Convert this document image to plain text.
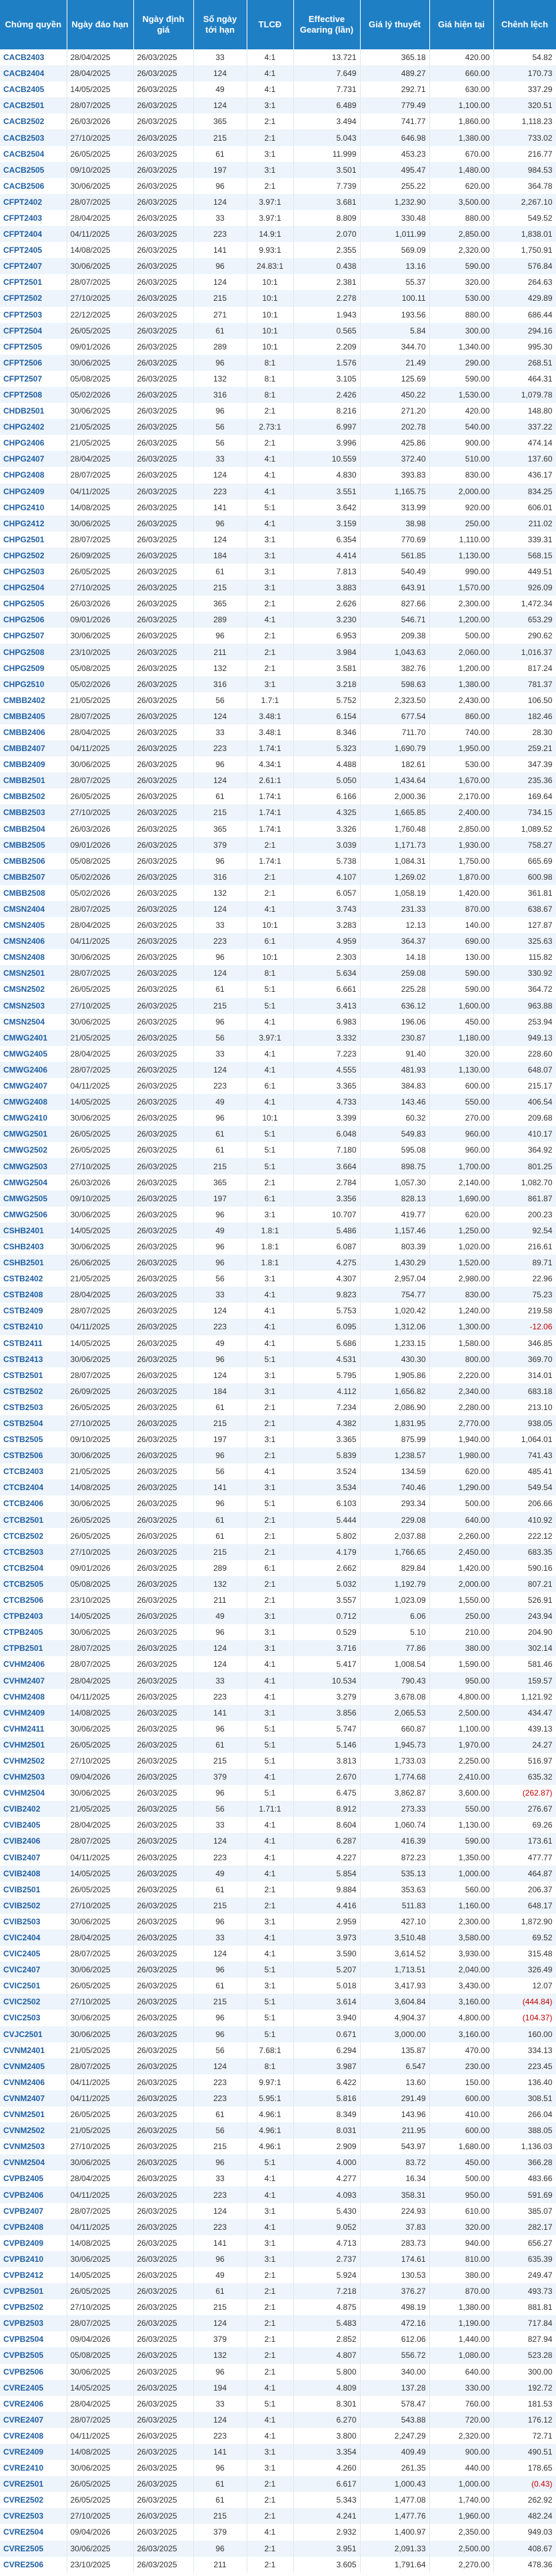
Chứng quyền	Ngày đáo hạn	Ngày định giá	Số ngày tới hạn	TLCĐ	Effective Gearing (lần)	Giá lý thuyết	Giá hiện tại	Chênh lệch
CACB2403	28/04/2025	26/03/2025	33	4:1	13.721	365.18	420.00	54.82
CACB2404	28/04/2025	26/03/2025	124	4:1	7.649	489.27	660.00	170.73
CACB2405	14/05/2025	26/03/2025	49	4:1	7.731	292.71	630.00	337.29
CACB2501	28/07/2025	26/03/2025	124	3:1	6.489	779.49	1,100.00	320.51
CACB2502	26/03/2026	26/03/2025	365	2:1	3.494	741.77	1,860.00	1,118.23
CACB2503	27/10/2025	26/03/2025	215	2:1	5.043	646.98	1,380.00	733.02
CACB2504	26/05/2025	26/03/2025	61	3:1	11.999	453.23	670.00	216.77
CACB2505	09/10/2025	26/03/2025	197	3:1	3.501	495.47	1,480.00	984.53
CACB2506	30/06/2025	26/03/2025	96	2:1	7.739	255.22	620.00	364.78
CFPT2402	28/07/2025	26/03/2025	124	3.97:1	3.681	1,232.90	3,500.00	2,267.10
CFPT2403	28/04/2025	26/03/2025	33	3.97:1	8.809	330.48	880.00	549.52
CFPT2404	04/11/2025	26/03/2025	223	14.9:1	2.070	1,011.99	2,850.00	1,838.01
CFPT2405	14/08/2025	26/03/2025	141	9.93:1	2.355	569.09	2,320.00	1,750.91
CFPT2407	30/06/2025	26/03/2025	96	24.83:1	0.438	13.16	590.00	576.84
CFPT2501	28/07/2025	26/03/2025	124	10:1	2.381	55.37	320.00	264.63
CFPT2502	27/10/2025	26/03/2025	215	10:1	2.278	100.11	530.00	429.89
CFPT2503	22/12/2025	26/03/2025	271	10:1	1.943	193.56	880.00	686.44
CFPT2504	26/05/2025	26/03/2025	61	10:1	0.565	5.84	300.00	294.16
CFPT2505	09/01/2026	26/03/2025	289	10:1	2.209	344.70	1,340.00	995.30
CFPT2506	30/06/2025	26/03/2025	96	8:1	1.576	21.49	290.00	268.51
CFPT2507	05/08/2025	26/03/2025	132	8:1	3.105	125.69	590.00	464.31
CFPT2508	05/02/2026	26/03/2025	316	8:1	2.426	450.22	1,530.00	1,079.78
CHDB2501	30/06/2025	26/03/2025	96	2:1	8.216	271.20	420.00	148.80
CHPG2402	21/05/2025	26/03/2025	56	2.73:1	6.997	202.78	540.00	337.22
CHPG2406	21/05/2025	26/03/2025	56	2:1	3.996	425.86	900.00	474.14
CHPG2407	28/04/2025	26/03/2025	33	4:1	10.559	372.40	510.00	137.60
CHPG2408	28/07/2025	26/03/2025	124	4:1	4.830	393.83	830.00	436.17
CHPG2409	04/11/2025	26/03/2025	223	4:1	3.551	1,165.75	2,000.00	834.25
CHPG2410	14/08/2025	26/03/2025	141	5:1	3.642	313.99	920.00	606.01
CHPG2412	30/06/2025	26/03/2025	96	4:1	3.159	38.98	250.00	211.02
CHPG2501	28/07/2025	26/03/2025	124	3:1	6.354	770.69	1,110.00	339.31
CHPG2502	26/09/2025	26/03/2025	184	3:1	4.414	561.85	1,130.00	568.15
CHPG2503	26/05/2025	26/03/2025	61	3:1	7.813	540.49	990.00	449.51
CHPG2504	27/10/2025	26/03/2025	215	3:1	3.883	643.91	1,570.00	926.09
CHPG2505	26/03/2026	26/03/2025	365	2:1	2.626	827.66	2,300.00	1,472.34
CHPG2506	09/01/2026	26/03/2025	289	4:1	3.230	546.71	1,200.00	653.29
CHPG2507	30/06/2025	26/03/2025	96	2:1	6.953	209.38	500.00	290.62
CHPG2508	23/10/2025	26/03/2025	211	2:1	3.984	1,043.63	2,060.00	1,016.37
CHPG2509	05/08/2025	26/03/2025	132	2:1	3.581	382.76	1,200.00	817.24
CHPG2510	05/02/2026	26/03/2025	316	3:1	3.218	598.63	1,380.00	781.37
CMBB2402	21/05/2025	26/03/2025	56	1.7:1	5.752	2,323.50	2,430.00	106.50
CMBB2405	28/07/2025	26/03/2025	124	3.48:1	6.154	677.54	860.00	182.46
CMBB2406	28/04/2025	26/03/2025	33	3.48:1	8.346	711.70	740.00	28.30
CMBB2407	04/11/2025	26/03/2025	223	1.74:1	5.323	1,690.79	1,950.00	259.21
CMBB2409	30/06/2025	26/03/2025	96	4.34:1	4.488	182.61	530.00	347.39
CMBB2501	28/07/2025	26/03/2025	124	2.61:1	5.050	1,434.64	1,670.00	235.36
CMBB2502	26/05/2025	26/03/2025	61	1.74:1	6.166	2,000.36	2,170.00	169.64
CMBB2503	27/10/2025	26/03/2025	215	1.74:1	4.325	1,665.85	2,400.00	734.15
CMBB2504	26/03/2026	26/03/2025	365	1.74:1	3.326	1,760.48	2,850.00	1,089.52
CMBB2505	09/01/2026	26/03/2025	379	2:1	3.039	1,171.73	1,930.00	758.27
CMBB2506	05/08/2025	26/03/2025	96	1.74:1	5.738	1,084.31	1,750.00	665.69
CMBB2507	05/02/2026	26/03/2025	316	2:1	4.107	1,269.02	1,870.00	600.98
CMBB2508	05/02/2026	26/03/2025	132	2:1	6.057	1,058.19	1,420.00	361.81
CMSN2404	28/07/2025	26/03/2025	124	4:1	3.743	231.33	870.00	638.67
CMSN2405	28/04/2025	26/03/2025	33	10:1	3.283	12.13	140.00	127.87
CMSN2406	04/11/2025	26/03/2025	223	6:1	4.959	364.37	690.00	325.63
CMSN2408	30/06/2025	26/03/2025	96	10:1	2.303	14.18	130.00	115.82
CMSN2501	28/07/2025	26/03/2025	124	8:1	5.634	259.08	590.00	330.92
CMSN2502	26/05/2025	26/03/2025	61	5:1	6.661	225.28	590.00	364.72
CMSN2503	27/10/2025	26/03/2025	215	5:1	3.413	636.12	1,600.00	963.88
CMSN2504	30/06/2025	26/03/2025	96	4:1	6.983	196.06	450.00	253.94
CMWG2401	21/05/2025	26/03/2025	56	3.97:1	3.332	230.87	1,180.00	949.13
CMWG2405	28/04/2025	26/03/2025	33	4:1	7.223	91.40	320.00	228.60
CMWG2406	28/07/2025	26/03/2025	124	4:1	4.555	481.93	1,130.00	648.07
CMWG2407	04/11/2025	26/03/2025	223	6:1	3.365	384.83	600.00	215.17
CMWG2408	14/05/2025	26/03/2025	49	4:1	4.733	143.46	550.00	406.54
CMWG2410	30/06/2025	26/03/2025	96	10:1	3.399	60.32	270.00	209.68
CMWG2501	26/05/2025	26/03/2025	61	5:1	6.048	549.83	960.00	410.17
CMWG2502	26/05/2025	26/03/2025	61	5:1	7.180	595.08	960.00	364.92
CMWG2503	27/10/2025	26/03/2025	215	5:1	3.664	898.75	1,700.00	801.25
CMWG2504	26/03/2026	26/03/2025	365	2:1	2.784	1,057.30	2,140.00	1,082.70
CMWG2505	09/10/2025	26/03/2025	197	6:1	3.356	828.13	1,690.00	861.87
CMWG2506	30/06/2025	26/03/2025	96	3:1	10.707	419.77	620.00	200.23
CSHB2401	14/05/2025	26/03/2025	49	1.8:1	5.486	1,157.46	1,250.00	92.54
CSHB2403	30/06/2025	26/03/2025	96	1.8:1	6.087	803.39	1,020.00	216.61
CSHB2501	26/06/2025	26/03/2025	96	1.8:1	4.275	1,430.29	1,520.00	89.71
CSTB2402	21/05/2025	26/03/2025	56	3:1	4.307	2,957.04	2,980.00	22.96
CSTB2408	28/04/2025	26/03/2025	33	4:1	9.823	754.77	830.00	75.23
CSTB2409	28/07/2025	26/03/2025	124	4:1	5.753	1,020.42	1,240.00	219.58
CSTB2410	04/11/2025	26/03/2025	223	4:1	6.095	1,312.06	1,300.00	-12.06
CSTB2411	14/05/2025	26/03/2025	49	4:1	5.686	1,233.15	1,580.00	346.85
CSTB2413	30/06/2025	26/03/2025	96	5:1	4.531	430.30	800.00	369.70
CSTB2501	28/07/2025	26/03/2025	124	3:1	5.795	1,905.86	2,220.00	314.01
CSTB2502	26/09/2025	26/03/2025	184	3:1	4.112	1,656.82	2,340.00	683.18
CSTB2503	26/05/2025	26/03/2025	61	2:1	7.234	2,086.90	2,280.00	213.10
CSTB2504	27/10/2025	26/03/2025	215	2:1	4.382	1,831.95	2,770.00	938.05
CSTB2505	09/10/2025	26/03/2025	197	3:1	3.365	875.99	1,940.00	1,064.01
CSTB2506	30/06/2025	26/03/2025	96	2:1	5.839	1,238.57	1,980.00	741.43
CTCB2403	21/05/2025	26/03/2025	56	4:1	3.524	134.59	620.00	485.41
CTCB2404	14/08/2025	26/03/2025	141	3:1	3.534	740.46	1,290.00	549.54
CTCB2406	30/06/2025	26/03/2025	96	5:1	6.103	293.34	500.00	206.66
CTCB2501	26/05/2025	26/03/2025	61	2:1	5.444	229.08	640.00	410.92
CTCB2502	26/05/2025	26/03/2025	61	2:1	5.802	2,037.88	2,260.00	222.12
CTCB2503	27/10/2025	26/03/2025	215	2:1	4.179	1,766.65	2,450.00	683.35
CTCB2504	09/01/2026	26/03/2025	289	6:1	2.662	829.84	1,420.00	590.16
CTCB2505	05/08/2025	26/03/2025	132	2:1	5.032	1,192.79	2,000.00	807.21
CTCB2506	23/10/2025	26/03/2025	211	2:1	3.557	1,023.09	1,550.00	526.91
CTPB2403	14/05/2025	26/03/2025	49	3:1	0.712	6.06	250.00	243.94
CTPB2405	30/06/2025	26/03/2025	96	3:1	0.529	5.10	210.00	204.90
CTPB2501	28/07/2025	26/03/2025	124	3:1	3.716	77.86	380.00	302.14
CVHM2406	28/07/2025	26/03/2025	124	4:1	5.417	1,008.54	1,590.00	581.46
CVHM2407	28/04/2025	26/03/2025	33	4:1	10.534	790.43	950.00	159.57
CVHM2408	04/11/2025	26/03/2025	223	4:1	3.279	3,678.08	4,800.00	1,121.92
CVHM2409	14/08/2025	26/03/2025	141	3:1	3.856	2,065.53	2,500.00	434.47
CVHM2411	30/06/2025	26/03/2025	96	5:1	5.747	660.87	1,100.00	439.13
CVHM2501	26/05/2025	26/03/2025	61	5:1	5.146	1,945.73	1,970.00	24.27
CVHM2502	27/10/2025	26/03/2025	215	5:1	3.813	1,733.03	2,250.00	516.97
CVHM2503	09/04/2026	26/03/2025	379	4:1	2.670	1,774.68	2,410.00	635.32
CVHM2504	30/06/2025	26/03/2025	96	5:1	6.475	3,862.87	3,600.00	(262.87)
CVIB2402	21/05/2025	26/03/2025	56	1.71:1	8.912	273.33	550.00	276.67
CVIB2405	28/04/2025	26/03/2025	33	4:1	8.604	1,060.74	1,130.00	69.26
CVIB2406	28/07/2025	26/03/2025	124	4:1	6.287	416.39	590.00	173.61
CVIB2407	04/11/2025	26/03/2025	223	4:1	4.227	872.23	1,350.00	477.77
CVIB2408	14/05/2025	26/03/2025	49	4:1	5.854	535.13	1,000.00	464.87
CVIB2501	26/05/2025	26/03/2025	61	2:1	9.884	353.63	560.00	206.37
CVIB2502	27/10/2025	26/03/2025	215	2:1	4.416	511.83	1,160.00	648.17
CVIB2503	30/06/2025	26/03/2025	96	3:1	2.959	427.10	2,300.00	1,872.90
CVIC2404	28/04/2025	26/03/2025	33	4:1	3.973	3,510.48	3,580.00	69.52
CVIC2405	28/07/2025	26/03/2025	124	4:1	3.590	3,614.52	3,930.00	315.48
CVIC2407	30/06/2025	26/03/2025	96	5:1	5.207	1,713.51	2,040.00	326.49
CVIC2501	26/05/2025	26/03/2025	61	3:1	5.018	3,417.93	3,430.00	12.07
CVIC2502	27/10/2025	26/03/2025	215	5:1	3.614	3,604.84	3,160.00	(444.84)
CVIC2503	30/06/2025	26/03/2025	96	5:1	3.940	4,904.37	4,800.00	(104.37)
CVJC2501	30/06/2025	26/03/2025	96	5:1	0.671	3,000.00	3,160.00	160.00
CVNM2401	21/05/2025	26/03/2025	56	7.68:1	6.294	135.87	470.00	334.13
CVNM2405	28/07/2025	26/03/2025	124	8:1	3.987	6.547	230.00	223.45
CVNM2406	04/11/2025	26/03/2025	223	9.97:1	6.422	13.60	150.00	136.40
CVNM2407	04/11/2025	26/03/2025	223	5.95:1	5.816	291.49	600.00	308.51
CVNM2501	26/05/2025	26/03/2025	61	4.96:1	8.349	143.96	410.00	266.04
CVNM2502	21/05/2025	26/03/2025	56	4.96:1	8.031	211.95	600.00	388.05
CVNM2503	27/10/2025	26/03/2025	215	4.96:1	2.909	543.97	1,680.00	1,136.03
CVNM2504	30/06/2025	26/03/2025	96	5:1	4.000	83.72	450.00	366.28
CVPB2405	28/04/2025	26/03/2025	33	4:1	4.277	16.34	500.00	483.66
CVPB2406	04/11/2025	26/03/2025	223	4:1	4.093	358.31	950.00	591.69
CVPB2407	28/07/2025	26/03/2025	124	3:1	5.430	224.93	610.00	385.07
CVPB2408	04/11/2025	26/03/2025	223	4:1	9.052	37.83	320.00	282.17
CVPB2409	14/08/2025	26/03/2025	141	3:1	4.713	283.73	940.00	656.27
CVPB2410	30/06/2025	26/03/2025	96	3:1	2.737	174.61	810.00	635.39
CVPB2412	14/05/2025	26/03/2025	49	2:1	5.924	130.53	380.00	249.47
CVPB2501	26/05/2025	26/03/2025	61	2:1	7.218	376.27	870.00	493.73
CVPB2502	27/10/2025	26/03/2025	215	2:1	4.875	498.19	1,380.00	881.81
CVPB2503	28/07/2025	26/03/2025	124	2:1	5.483	472.16	1,190.00	717.84
CVPB2504	09/04/2026	26/03/2025	379	2:1	2.852	612.06	1,440.00	827.94
CVPB2505	05/08/2025	26/03/2025	132	2:1	4.807	556.72	1,080.00	523.28
CVPB2506	30/06/2025	26/03/2025	96	2:1	5.800	340.00	640.00	300.00
CVRE2405	14/05/2025	26/03/2025	194	4:1	4.809	137.28	330.00	192.72
CVRE2406	28/04/2025	26/03/2025	33	5:1	8.301	578.47	760.00	181.53
CVRE2407	28/07/2025	26/03/2025	124	4:1	6.270	543.88	720.00	176.12
CVRE2408	04/11/2025	26/03/2025	223	4:1	3.800	2,247.29	2,320.00	72.71
CVRE2409	14/08/2025	26/03/2025	141	3:1	3.354	409.49	900.00	490.51
CVRE2410	30/06/2025	26/03/2025	96	3:1	4.260	261.35	440.00	178.65
CVRE2501	26/05/2025	26/03/2025	61	2:1	6.617	1,000.43	1,000.00	(0.43)
CVRE2502	26/05/2025	26/03/2025	61	2:1	5.343	1,477.08	1,740.00	262.92
CVRE2503	27/10/2025	26/03/2025	215	2:1	4.241	1,477.76	1,960.00	482.24
CVRE2504	09/04/2026	26/03/2025	379	4:1	2.932	1,400.97	2,350.00	949.03
CVRE2505	30/06/2025	26/03/2025	96	2:1	3.951	2,091.33	2,500.00	408.67
CVRE2506	23/10/2025	26/03/2025	211	2:1	3.605	1,791.64	2,270.00	478.36
